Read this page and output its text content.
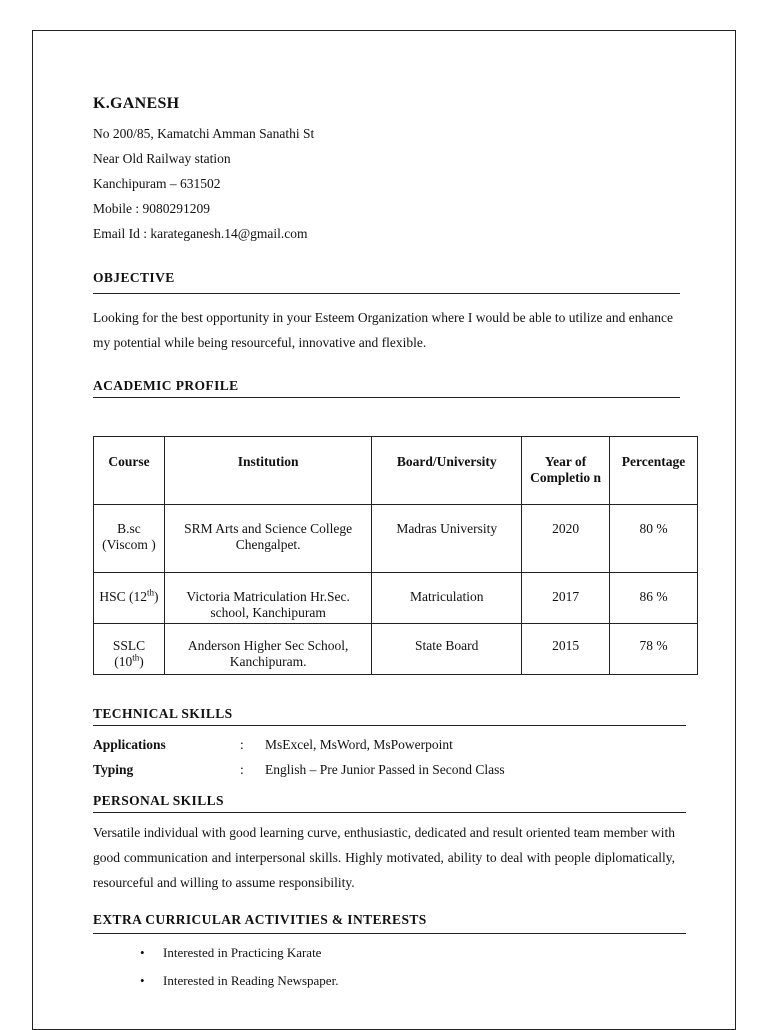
K.GANESH
No 200/85, Kamatchi Amman Sanathi St
Near Old Railway station
Kanchipuram – 631502
Mobile : 9080291209
Email Id : karateganesh.14@gmail.com
OBJECTIVE
Looking for the best opportunity in your Esteem Organization where I would be able to utilize and enhance my potential while being resourceful, innovative and flexible.
ACADEMIC PROFILE
Course	Institution	Board/University	Year of Completio n	Percentage
B.sc (Viscom )	SRM Arts and Science College Chengalpet.	Madras University	2020	80 %
HSC (12th)	Victoria Matriculation Hr.Sec. school, Kanchipuram	Matriculation	2017	86 %
SSLC (10th)	Anderson Higher Sec School, Kanchipuram.	State Board	2015	78 %
TECHNICAL SKILLS
Applications	: MsExcel, MsWord, MsPowerpoint
Typing	: English – Pre Junior Passed in Second Class
PERSONAL SKILLS
Versatile individual with good learning curve, enthusiastic, dedicated and result oriented team member with good communication and interpersonal skills. Highly motivated, ability to deal with people diplomatically, resourceful and willing to assume responsibility.
EXTRA CURRICULAR ACTIVITIES & INTERESTS
• Interested in Practicing Karate
• Interested in Reading Newspaper.
